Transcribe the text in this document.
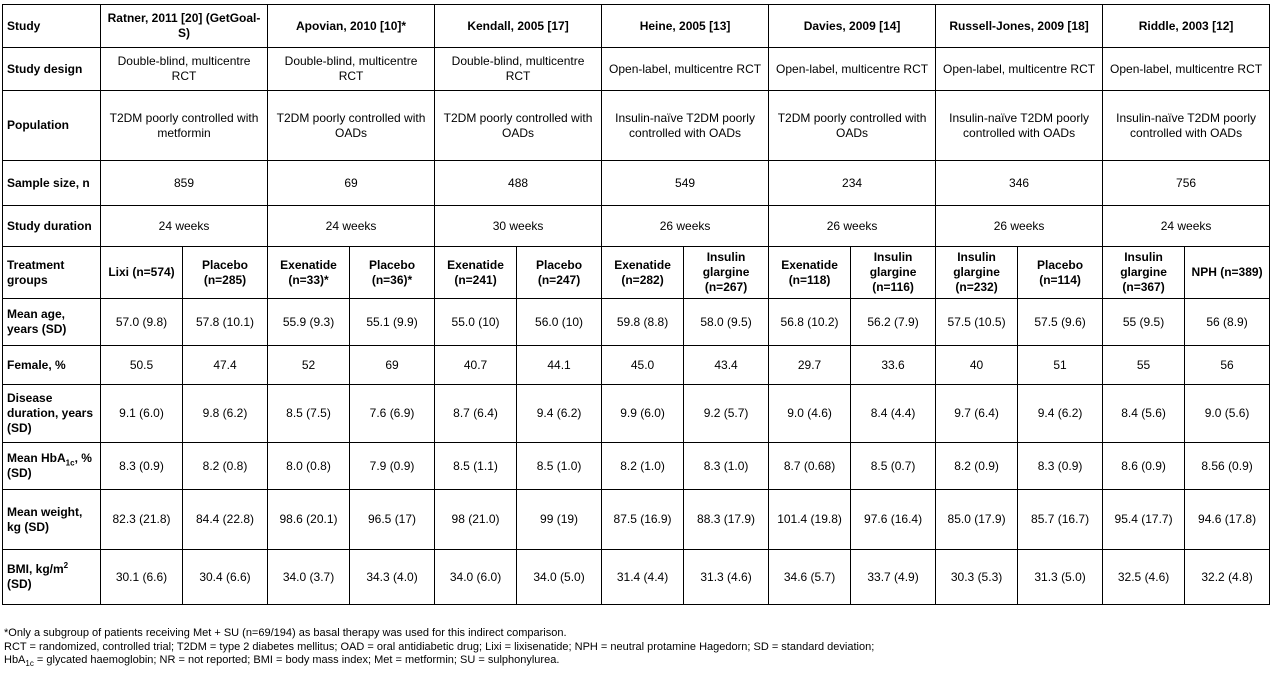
Study	Ratner, 2011 [20] (GetGoal-S)		Apovian, 2010 [10]*		Kendall, 2005 [17]		Heine, 2005 [13]		Davies, 2009 [14]		Russell-Jones, 2009 [18]		Riddle, 2003 [12]	
Study design	Double-blind, multicentre RCT		Double-blind, multicentre RCT		Double-blind, multicentre RCT		Open-label, multicentre RCT		Open-label, multicentre RCT		Open-label, multicentre RCT		Open-label, multicentre RCT	
Population	T2DM poorly controlled with metformin		T2DM poorly controlled with OADs		T2DM poorly controlled with OADs		Insulin-naïve T2DM poorly controlled with OADs		T2DM poorly controlled with OADs		Insulin-naïve T2DM poorly controlled with OADs		Insulin-naïve T2DM poorly controlled with OADs	
Sample size, n	859		69		488		549		234		346		756	
Study duration	24 weeks		24 weeks		30 weeks		26 weeks		26 weeks		26 weeks		24 weeks	
Treatment groups	Lixi (n=574)	Placebo (n=285)	Exenatide (n=33)*	Placebo (n=36)*	Exenatide (n=241)	Placebo (n=247)	Exenatide (n=282)	Insulin glargine (n=267)	Exenatide (n=118)	Insulin glargine (n=116)	Insulin glargine (n=232)	Placebo (n=114)	Insulin glargine (n=367)	NPH (n=389)
Mean age, years (SD)	57.0 (9.8)	57.8 (10.1)	55.9 (9.3)	55.1 (9.9)	55.0 (10)	56.0 (10)	59.8 (8.8)	58.0 (9.5)	56.8 (10.2)	56.2 (7.9)	57.5 (10.5)	57.5 (9.6)	55 (9.5)	56 (8.9)
Female, %	50.5	47.4	52	69	40.7	44.1	45.0	43.4	29.7	33.6	40	51	55	56
Disease duration, years (SD)	9.1 (6.0)	9.8 (6.2)	8.5 (7.5)	7.6 (6.9)	8.7 (6.4)	9.4 (6.2)	9.9 (6.0)	9.2 (5.7)	9.0 (4.6)	8.4 (4.4)	9.7 (6.4)	9.4 (6.2)	8.4 (5.6)	9.0 (5.6)
Mean HbA$_{1c}$, % (SD)	8.3 (0.9)	8.2 (0.8)	8.0 (0.8)	7.9 (0.9)	8.5 (1.1)	8.5 (1.0)	8.2 (1.0)	8.3 (1.0)	8.7 (0.68)	8.5 (0.7)	8.2 (0.9)	8.3 (0.9)	8.6 (0.9)	8.56 (0.9)
Mean weight, kg (SD)	82.3 (21.8)	84.4 (22.8)	98.6 (20.1)	96.5 (17)	98 (21.0)	99 (19)	87.5 (16.9)	88.3 (17.9)	101.4 (19.8)	97.6 (16.4)	85.0 (17.9)	85.7 (16.7)	95.4 (17.7)	94.6 (17.8)
BMI, $kg/m^2$ (SD)	30.1 (6.6)	30.4 (6.6)	34.0 (3.7)	34.3 (4.0)	34.0 (6.0)	34.0 (5.0)	31.4 (4.4)	31.3 (4.6)	34.6 (5.7)	33.7 (4.9)	30.3 (5.3)	31.3 (5.0)	32.5 (4.6)	32.2 (4.8)
*Only a subgroup of patients receiving Met + SU (n=69/194) as basal therapy was used for this indirect comparison.
RCT = randomized, controlled trial; T2DM = type 2 diabetes mellitus; OAD = oral antidiabetic drug; Lixi = lixisenatide; NPH = neutral protamine Hagedorn; SD = standard deviation;
HbA$_{1c}$ = glycated haemoglobin; NR = not reported; BMI = body mass index; Met = metformin; SU = sulphonylurea.
